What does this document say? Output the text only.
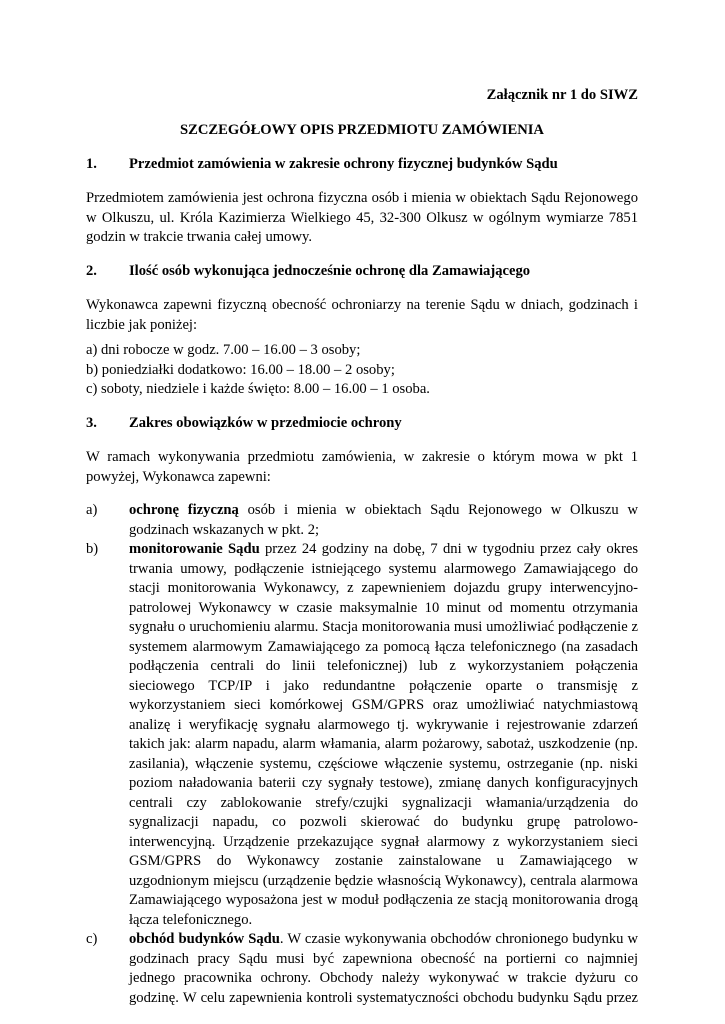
Załącznik nr 1 do SIWZ
SZCZEGÓŁOWY OPIS PRZEDMIOTU ZAMÓWIENIA
1. Przedmiot zamówienia w zakresie ochrony fizycznej budynków Sądu
Przedmiotem zamówienia jest ochrona fizyczna osób i mienia w obiektach Sądu Rejonowego
w Olkuszu, ul. Króla Kazimierza Wielkiego 45, 32-300 Olkusz w ogólnym wymiarze 7851
godzin w trakcie trwania całej umowy.
2. Ilość osób wykonująca jednocześnie ochronę dla Zamawiającego
Wykonawca zapewni fizyczną obecność ochroniarzy na terenie Sądu w dniach, godzinach i
liczbie jak poniżej:
a) dni robocze w godz. 7.00 – 16.00 – 3 osoby;
b) poniedziałki dodatkowo: 16.00 – 18.00 – 2 osoby;
c) soboty, niedziele i każde święto: 8.00 – 16.00 – 1 osoba.
3. Zakres obowiązków w przedmiocie ochrony
W ramach wykonywania przedmiotu zamówienia, w zakresie o którym mowa w pkt 1
powyżej, Wykonawca zapewni:
a) ochronę fizyczną osób i mienia w obiektach Sądu Rejonowego w Olkuszu w
godzinach wskazanych w pkt. 2;
b) monitorowanie Sądu przez 24 godziny na dobę, 7 dni w tygodniu przez cały okres
trwania umowy, podłączenie istniejącego systemu alarmowego Zamawiającego do
stacji monitorowania Wykonawcy, z zapewnieniem dojazdu grupy interwencyjno-
patrolowej Wykonawcy w czasie maksymalnie 10 minut od momentu otrzymania
sygnału o uruchomieniu alarmu. Stacja monitorowania musi umożliwiać podłączenie z
systemem alarmowym Zamawiającego za pomocą łącza telefonicznego (na zasadach
podłączenia centrali do linii telefonicznej) lub z wykorzystaniem połączenia
sieciowego TCP/IP i jako redundantne połączenie oparte o transmisję z
wykorzystaniem sieci komórkowej GSM/GPRS oraz umożliwiać natychmiastową
analizę i weryfikację sygnału alarmowego tj. wykrywanie i rejestrowanie zdarzeń
takich jak: alarm napadu, alarm włamania, alarm pożarowy, sabotaż, uszkodzenie (np.
zasilania), włączenie systemu, częściowe włączenie systemu, ostrzeganie (np. niski
poziom naładowania baterii czy sygnały testowe), zmianę danych konfiguracyjnych
centrali czy zablokowanie strefy/czujki sygnalizacji włamania/urządzenia do
sygnalizacji napadu, co pozwoli skierować do budynku grupę patrolowo-
interwencyjną. Urządzenie przekazujące sygnał alarmowy z wykorzystaniem sieci
GSM/GPRS do Wykonawcy zostanie zainstalowane u Zamawiającego w
uzgodnionym miejscu (urządzenie będzie własnością Wykonawcy), centrala alarmowa
Zamawiającego wyposażona jest w moduł podłączenia ze stacją monitorowania drogą
łącza telefonicznego.
c) obchód budynków Sądu. W czasie wykonywania obchodów chronionego budynku w
godzinach pracy Sądu musi być zapewniona obecność na portierni co najmniej
jednego pracownika ochrony. Obchody należy wykonywać w trakcie dyżuru co
godzinę. W celu zapewnienia kontroli systematyczności obchodu budynku Sądu przez
